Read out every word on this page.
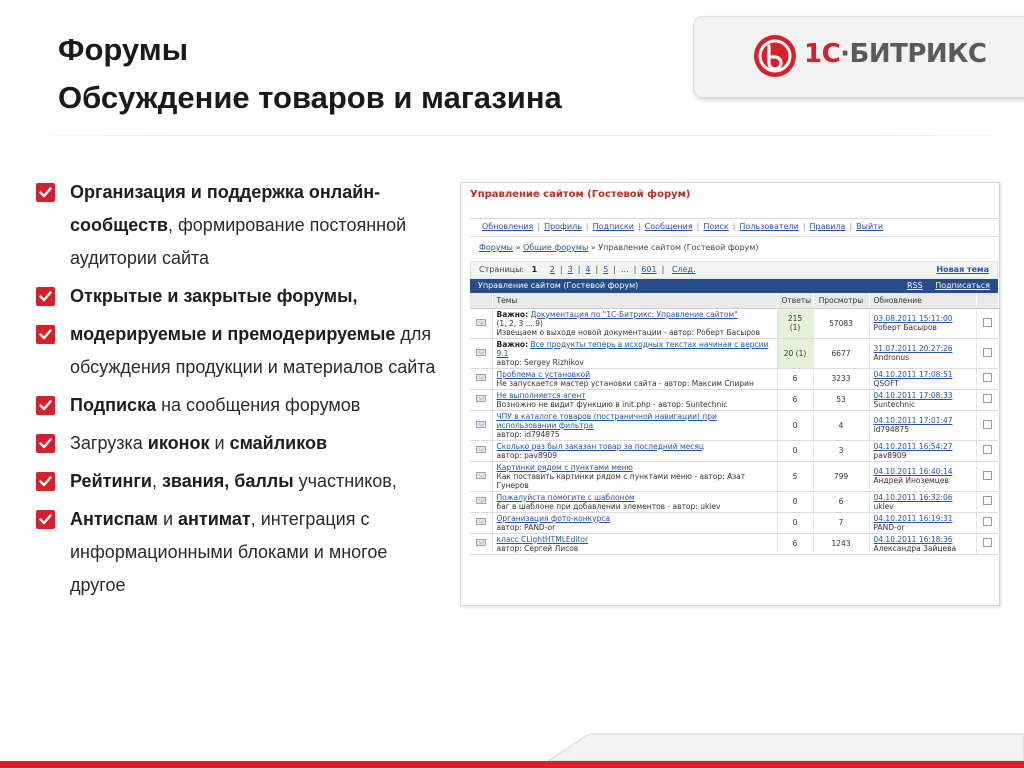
Форумы
Обсуждение товаров и магазина
1С·БИТРИКС
Организация и поддержка онлайн-сообществ, формирование постоянной аудитории сайта
Открытые и закрытые форумы,
модерируемые и премодерируемые для обсуждения продукции и материалов сайта
Подписка на сообщения форумов
Загрузка иконок и смайликов
Рейтинги, звания, баллы участников,
Антиспам и антимат, интеграция с информационными блоками и многое другое
Управление сайтом (Гостевой форум)
Обновления | Профиль | Подписки | Сообщения | Поиск | Пользователи | Правила | Выйти
Форумы » Общие форумы » Управление сайтом (Гостевой форум)
Страницы: 1 2 | 3 | 4 | 5 | ... | 601 | След.	Новая тема
Управление сайтом (Гостевой форум)	RSS Подписаться
	Темы	Ответы	Просмотры	Обновление	
	Важно: Документация по "1С-Битрикс: Управление сайтом"
(1, 2, 3 ... 9)
Извещаем о выходе новой документации - автор: Роберт Басыров	215 (1)	57083	03.08.2011 15:11:00
Роберт Басыров	
	Важно: Все продукты теперь в исходных текстах начиная с версии 9.1
автор: Sergey Rizhikov	20 (1)	6677	31.07.2011 20:27:26
Andronus	
	Проблема с установкой
Не запускается мастер установки сайта - автор: Максим Спирин	6	3233	04.10.2011 17:08:51
QSOFT	
	Не выполняется агент
Возножно не видит функцию в init.php - автор: Suntechnic	6	53	04.10.2011 17:08:33
Suntechnic	
	ЧПУ в каталоге товаров (постраничной навигации) при использовании фильтра
автор: id794875	0	4	04.10.2011 17:01:47
id794875	
	Сколько раз был заказан товар за последний месяц
автор: pav8909	0	3	04.10.2011 16:54:27
pav8909	
	Картинки рядом с пунктами меню
Как поставить картинки рядом с пунктами меню - автор: Азат Гунеров	5	799	04.10.2011 16:40:14
Андрей Иноземцев	
	Пожалуйста помогите с шаблоном
баг в шаблоне при добавлении элементов - автор: uklev	0	6	04.10.2011 16:32:06
uklev	
	Организация фото-конкурса
автор: PAND-or	0	7	04.10.2011 16:19:31
PAND-or	
	класс CLightHTMLEditor
автор: Сергей Лисов	6	1243	04.10.2011 16:18:36
Александра Зайцева	
